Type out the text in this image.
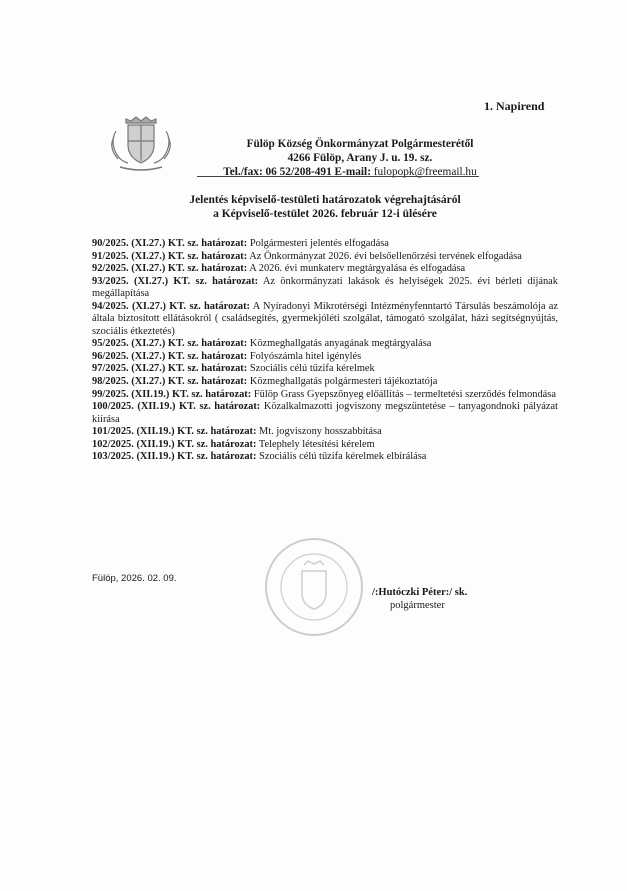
1. Napirend
Fülöp Község Önkormányzat Polgármesterétől
4266 Fülöp, Arany J. u. 19. sz.
Tel./fax: 06 52/208-491 E-mail: fulopopk@freemail.hu
Jelentés képviselő-testületi határozatok végrehajtásáról
a Képviselő-testület 2026. február 12-i ülésére
90/2025. (XI.27.) KT. sz. határozat: Polgármesteri jelentés elfogadása
91/2025. (XI.27.) KT. sz. határozat: Az Önkormányzat 2026. évi belsőellenőrzési tervének elfogadása
92/2025. (XI.27.) KT. sz. határozat: A 2026. évi munkaterv megtárgyalása és elfogadása
93/2025. (XI.27.) KT. sz. határozat: Az önkormányzati lakások és helyiségek 2025. évi bérleti díjának megállapítása
94/2025. (XI.27.) KT. sz. határozat: A Nyíradonyi Mikrotérségi Intézményfenntartó Társulás beszámolója az általa biztosított ellátásokról ( családsegítés, gyermekjóléti szolgálat, támogató szolgálat, házi segítségnyújtás, szociális étkeztetés)
95/2025. (XI.27.) KT. sz. határozat: Közmeghallgatás anyagának megtárgyalása
96/2025. (XI.27.) KT. sz. határozat: Folyószámla hitel igénylés
97/2025. (XI.27.) KT. sz. határozat: Szociális célú tűzifa kérelmek
98/2025. (XI.27.) KT. sz. határozat: Közmeghallgatás polgármesteri tájékoztatója
99/2025. (XII.19.) KT. sz. határozat: Fülöp Grass Gyepszőnyeg előállítás – termeltetési szerződés felmondása
100/2025. (XII.19.) KT. sz. határozat: Közalkalmazotti jogviszony megszüntetése – tanyagondnoki pályázat kiírása
101/2025. (XII.19.) KT. sz. határozat: Mt. jogviszony hosszabbítása
102/2025. (XII.19.) KT. sz. határozat: Telephely létesítési kérelem
103/2025. (XII.19.) KT. sz. határozat: Szociális célú tűzifa kérelmek elbírálása
Fülöp, 2026. 02. 09.
/:Hutóczki Péter:/ sk.
polgármester
